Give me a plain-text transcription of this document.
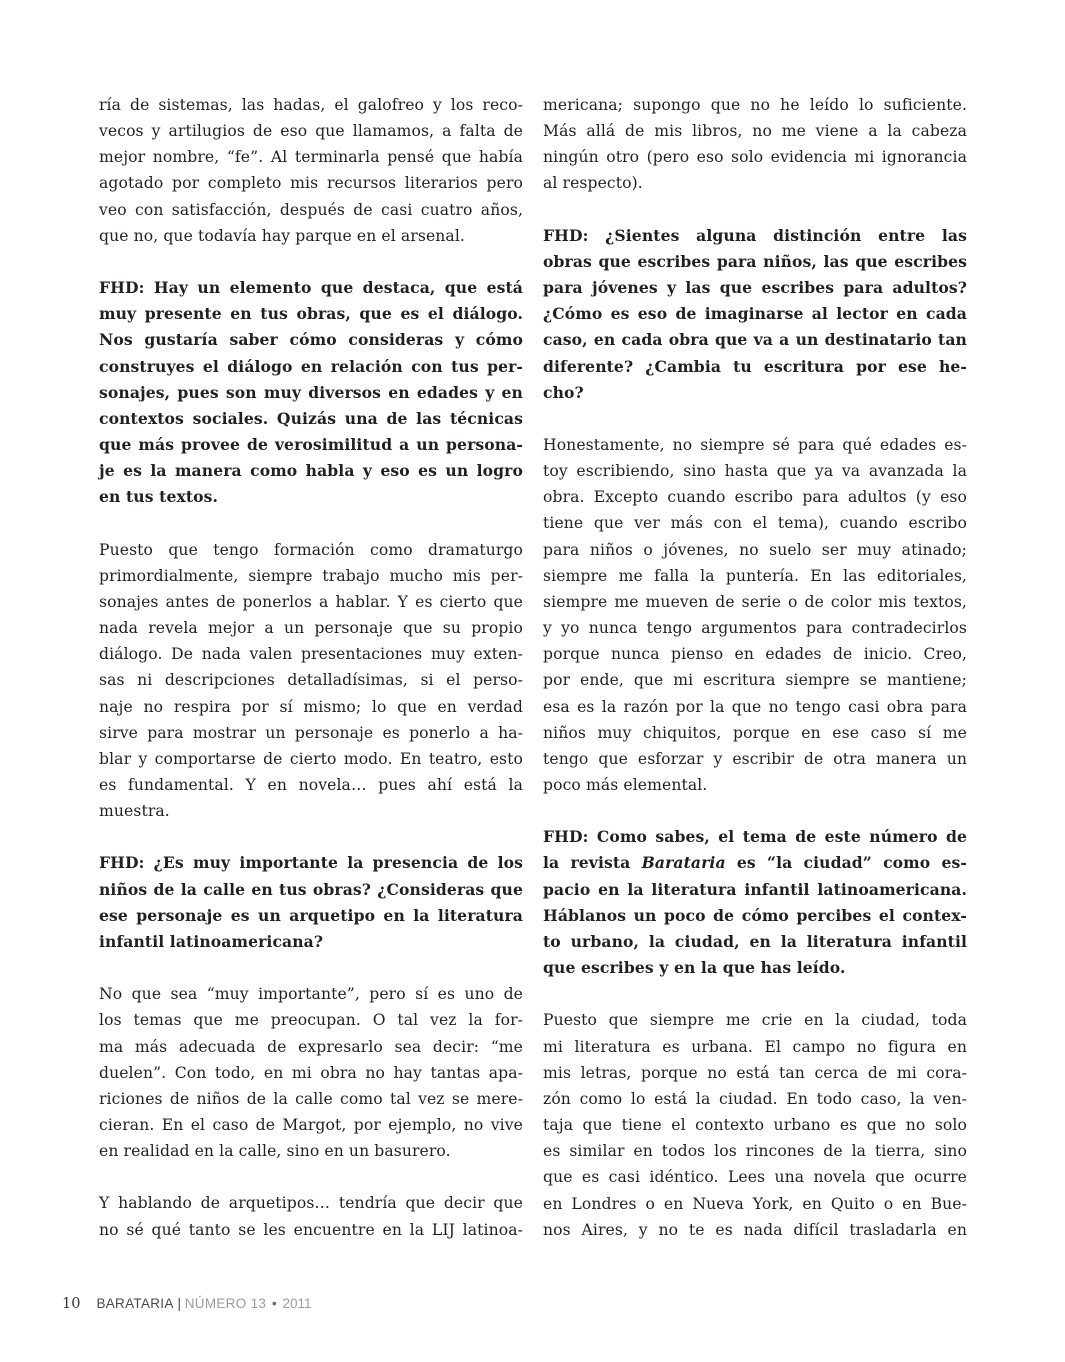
ría de sistemas, las hadas, el galofreo y los reco-
vecos y artilugios de eso que llamamos, a falta de
mejor nombre, “fe”. Al terminarla pensé que había
agotado por completo mis recursos literarios pero
veo con satisfacción, después de casi cuatro años,
que no, que todavía hay parque en el arsenal.
FHD: Hay un elemento que destaca, que está
muy presente en tus obras, que es el diálogo.
Nos gustaría saber cómo consideras y cómo
construyes el diálogo en relación con tus per-
sonajes, pues son muy diversos en edades y en
contextos sociales. Quizás una de las técnicas
que más provee de verosimilitud a un persona-
je es la manera como habla y eso es un logro
en tus textos.
Puesto que tengo formación como dramaturgo
primordialmente, siempre trabajo mucho mis per-
sonajes antes de ponerlos a hablar. Y es cierto que
nada revela mejor a un personaje que su propio
diálogo. De nada valen presentaciones muy exten-
sas ni descripciones detalladísimas, si el perso-
naje no respira por sí mismo; lo que en verdad
sirve para mostrar un personaje es ponerlo a ha-
blar y comportarse de cierto modo. En teatro, esto
es fundamental. Y en novela… pues ahí está la
muestra.
FHD: ¿Es muy importante la presencia de los
niños de la calle en tus obras? ¿Consideras que
ese personaje es un arquetipo en la literatura
infantil latinoamericana?
No que sea “muy importante”, pero sí es uno de
los temas que me preocupan. O tal vez la for-
ma más adecuada de expresarlo sea decir: “me
duelen”. Con todo, en mi obra no hay tantas apa-
riciones de niños de la calle como tal vez se mere-
cieran. En el caso de Margot, por ejemplo, no vive
en realidad en la calle, sino en un basurero.
Y hablando de arquetipos… tendría que decir que
no sé qué tanto se les encuentre en la LIJ latinoa-
mericana; supongo que no he leído lo suficiente.
Más allá de mis libros, no me viene a la cabeza
ningún otro (pero eso solo evidencia mi ignorancia
al respecto).
FHD: ¿Sientes alguna distinción entre las
obras que escribes para niños, las que escribes
para jóvenes y las que escribes para adultos?
¿Cómo es eso de imaginarse al lector en cada
caso, en cada obra que va a un destinatario tan
diferente? ¿Cambia tu escritura por ese he-
cho?
Honestamente, no siempre sé para qué edades es-
toy escribiendo, sino hasta que ya va avanzada la
obra. Excepto cuando escribo para adultos (y eso
tiene que ver más con el tema), cuando escribo
para niños o jóvenes, no suelo ser muy atinado;
siempre me falla la puntería. En las editoriales,
siempre me mueven de serie o de color mis textos,
y yo nunca tengo argumentos para contradecirlos
porque nunca pienso en edades de inicio. Creo,
por ende, que mi escritura siempre se mantiene;
esa es la razón por la que no tengo casi obra para
niños muy chiquitos, porque en ese caso sí me
tengo que esforzar y escribir de otra manera un
poco más elemental.
FHD: Como sabes, el tema de este número de
la revista Barataria es “la ciudad” como es-
pacio en la literatura infantil latinoamericana.
Háblanos un poco de cómo percibes el contex-
to urbano, la ciudad, en la literatura infantil
que escribes y en la que has leído.
Puesto que siempre me crie en la ciudad, toda
mi literatura es urbana. El campo no figura en
mis letras, porque no está tan cerca de mi cora-
zón como lo está la ciudad. En todo caso, la ven-
taja que tiene el contexto urbano es que no solo
es similar en todos los rincones de la tierra, sino
que es casi idéntico. Lees una novela que ocurre
en Londres o en Nueva York, en Quito o en Bue-
nos Aires, y no te es nada difícil trasladarla en
10 BARATARIA | NÚMERO 13 • 2011
